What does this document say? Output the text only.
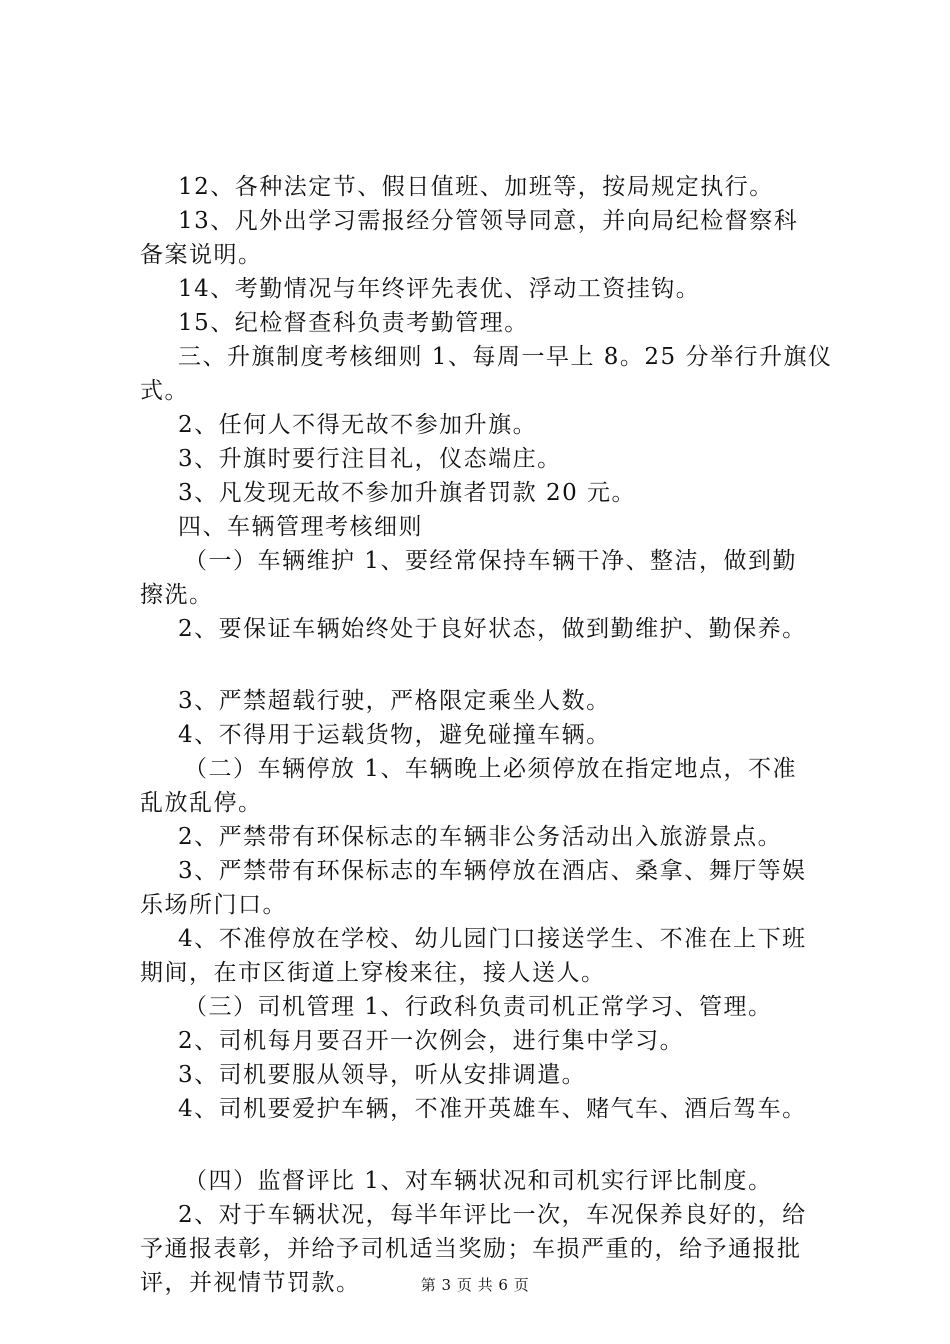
12、各种法定节、假日值班、加班等，按局规定执行。
13、凡外出学习需报经分管领导同意，并向局纪检督察科
备案说明。
14、考勤情况与年终评先表优、浮动工资挂钩。
15、纪检督查科负责考勤管理。
三、升旗制度考核细则 1、每周一早上 8。25 分举行升旗仪
式。
2、任何人不得无故不参加升旗。
3、升旗时要行注目礼，仪态端庄。
3、凡发现无故不参加升旗者罚款 20 元。
四、车辆管理考核细则
（一）车辆维护 1、要经常保持车辆干净、整洁，做到勤
擦洗。
2、要保证车辆始终处于良好状态，做到勤维护、勤保养。
3、严禁超载行驶，严格限定乘坐人数。
4、不得用于运载货物，避免碰撞车辆。
（二）车辆停放 1、车辆晚上必须停放在指定地点，不准
乱放乱停。
2、严禁带有环保标志的车辆非公务活动出入旅游景点。
3、严禁带有环保标志的车辆停放在酒店、桑拿、舞厅等娱
乐场所门口。
4、不准停放在学校、幼儿园门口接送学生、不准在上下班
期间，在市区街道上穿梭来往，接人送人。
（三）司机管理 1、行政科负责司机正常学习、管理。
2、司机每月要召开一次例会，进行集中学习。
3、司机要服从领导，听从安排调遣。
4、司机要爱护车辆，不准开英雄车、赌气车、酒后驾车。
（四）监督评比 1、对车辆状况和司机实行评比制度。
2、对于车辆状况，每半年评比一次，车况保养良好的，给
予通报表彰，并给予司机适当奖励；车损严重的，给予通报批
评，并视情节罚款。	第 3 页 共 6 页
